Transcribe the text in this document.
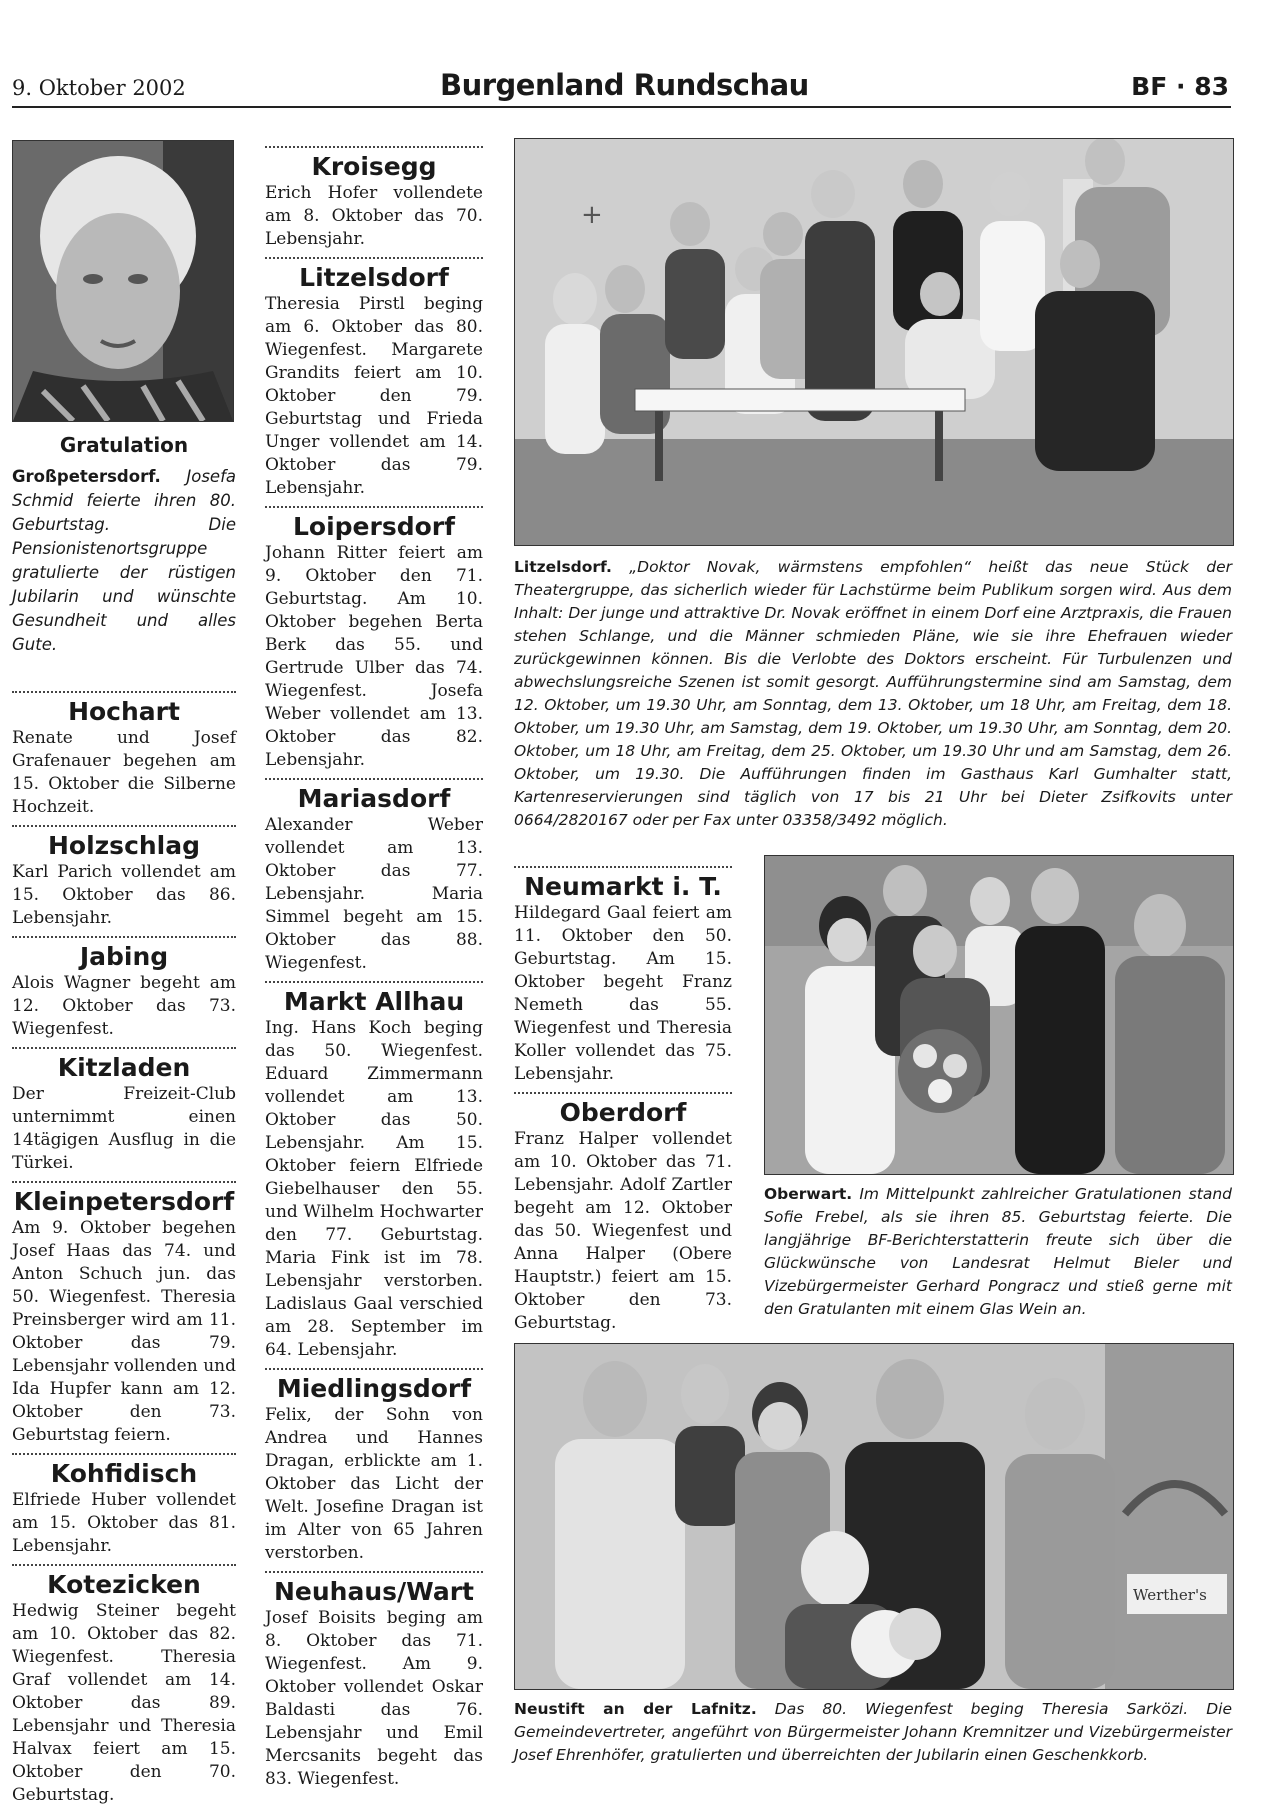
9. Oktober 2002	Burgenland Rundschau	BF · 83
Gratulation

Großpetersdorf. Josefa Schmid feierte ihren 80. Geburtstag. Die Pensionistenortsgruppe gratulierte der rüstigen Jubilarin und wünschte Gesundheit und alles Gute.

Hochart

Renate und Josef Grafenauer begehen am 15. Oktober die Silberne Hochzeit.

Holzschlag

Karl Parich vollendet am 15. Oktober das 86. Lebensjahr.

Jabing

Alois Wagner begeht am 12. Oktober das 73. Wiegenfest.

Kitzladen

Der Freizeit-Club unternimmt einen 14tägigen Ausflug in die Türkei.

Kleinpetersdorf

Am 9. Oktober begehen Josef Haas das 74. und Anton Schuch jun. das 50. Wiegenfest. Theresia Preinsberger wird am 11. Oktober das 79. Lebensjahr vollenden und Ida Hupfer kann am 12. Oktober den 73. Geburtstag feiern.

Kohfidisch

Elfriede Huber vollendet am 15. Oktober das 81. Lebensjahr.

Kotezicken

Hedwig Steiner begeht am 10. Oktober das 82. Wiegenfest. Theresia Graf vollendet am 14. Oktober das 89. Lebensjahr und Theresia Halvax feiert am 15. Oktober den 70. Geburtstag.

Kroisegg

Erich Hofer vollendete am 8. Oktober das 70. Lebensjahr.

Litzelsdorf

Theresia Pirstl beging am 6. Oktober das 80. Wiegenfest. Margarete Grandits feiert am 10. Oktober den 79. Geburtstag und Frieda Unger vollendet am 14. Oktober das 79. Lebensjahr.

Loipersdorf

Johann Ritter feiert am 9. Oktober den 71. Geburtstag. Am 10. Oktober begehen Berta Berk das 55. und Gertrude Ulber das 74. Wiegenfest. Josefa Weber vollendet am 13. Oktober das 82. Lebensjahr.

Mariasdorf

Alexander Weber vollendet am 13. Oktober das 77. Lebensjahr. Maria Simmel begeht am 15. Oktober das 88. Wiegenfest.

Markt Allhau

Ing. Hans Koch beging das 50. Wiegenfest. Eduard Zimmermann vollendet am 13. Oktober das 50. Lebensjahr. Am 15. Oktober feiern Elfriede Giebelhauser den 55. und Wilhelm Hochwarter den 77. Geburtstag. Maria Fink ist im 78. Lebensjahr verstorben. Ladislaus Gaal verschied am 28. September im 64. Lebensjahr.

Miedlingsdorf

Felix, der Sohn von Andrea und Hannes Dragan, erblickte am 1. Oktober das Licht der Welt. Josefine Dragan ist im Alter von 65 Jahren verstorben.

Neuhaus/Wart

Josef Boisits beging am 8. Oktober das 71. Wiegenfest. Am 9. Oktober vollendet Oskar Baldasti das 76. Lebensjahr und Emil Mercsanits begeht das 83. Wiegenfest.

+

Litzelsdorf. „Doktor Novak, wärmstens empfohlen“ heißt das neue Stück der Theatergruppe, das sicherlich wieder für Lachstürme beim Publikum sorgen wird. Aus dem Inhalt: Der junge und attraktive Dr. Novak eröffnet in einem Dorf eine Arztpraxis, die Frauen stehen Schlange, und die Männer schmieden Pläne, wie sie ihre Ehefrauen wieder zurückgewinnen können. Bis die Verlobte des Doktors erscheint. Für Turbulenzen und abwechslungsreiche Szenen ist somit gesorgt. Aufführungstermine sind am Samstag, dem 12. Oktober, um 19.30 Uhr, am Sonntag, dem 13. Oktober, um 18 Uhr, am Freitag, dem 18. Oktober, um 19.30 Uhr, am Samstag, dem 19. Oktober, um 19.30 Uhr, am Sonntag, dem 20. Oktober, um 18 Uhr, am Freitag, dem 25. Oktober, um 19.30 Uhr und am Samstag, dem 26. Oktober, um 19.30. Die Aufführungen finden im Gasthaus Karl Gumhalter statt, Kartenreservierungen sind täglich von 17 bis 21 Uhr bei Dieter Zsifkovits unter 0664/2820167 oder per Fax unter 03358/3492 möglich.

Neumarkt i. T.

Hildegard Gaal feiert am 11. Oktober den 50. Geburtstag. Am 15. Oktober begeht Franz Nemeth das 55. Wiegenfest und Theresia Koller vollendet das 75. Lebensjahr.

Oberdorf

Franz Halper vollendet am 10. Oktober das 71. Lebensjahr. Adolf Zartler begeht am 12. Oktober das 50. Wiegenfest und Anna Halper (Obere Hauptstr.) feiert am 15. Oktober den 73. Geburtstag.

Oberwart. Im Mittelpunkt zahlreicher Gratulationen stand Sofie Frebel, als sie ihren 85. Geburtstag feierte. Die langjährige BF-Berichterstatterin freute sich über die Glückwünsche von Landesrat Helmut Bieler und Vizebürgermeister Gerhard Pongracz und stieß gerne mit den Gratulanten mit einem Glas Wein an.

Werther's

Neustift an der Lafnitz. Das 80. Wiegenfest beging Theresia Sarközi. Die Gemeindevertreter, angeführt von Bürgermeister Johann Kremnitzer und Vizebürgermeister Josef Ehrenhöfer, gratulierten und überreichten der Jubilarin einen Geschenkkorb.
